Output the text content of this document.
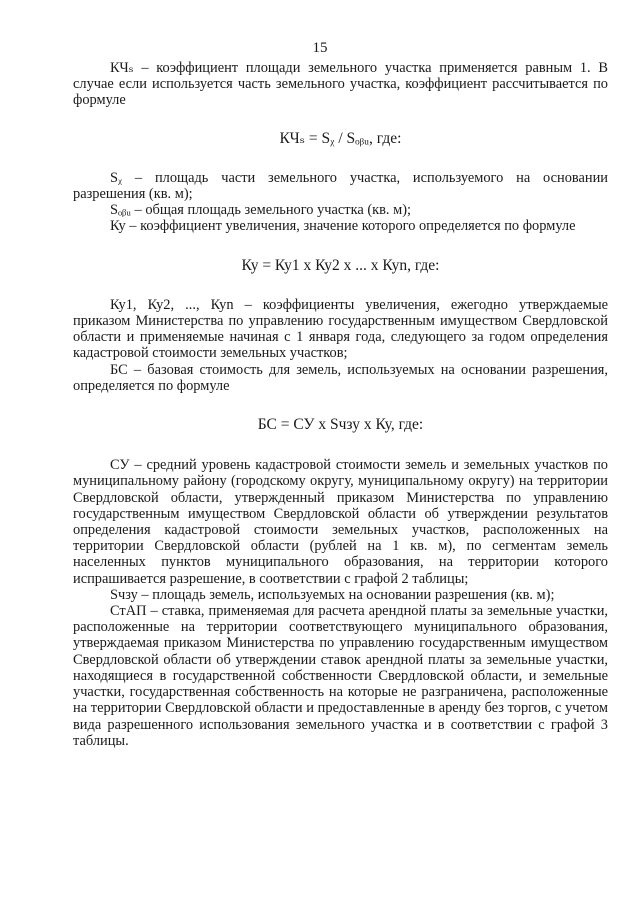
15

КЧₛ – коэффициент площади земельного участка применяется равным 1. В случае если используется часть земельного участка, коэффициент рассчитывается по формуле

КЧₛ = Sᵪ / Sₒᵦᵤ, где:

Sᵪ – площадь части земельного участка, используемого на основании разрешения (кв. м);

Sₒᵦᵤ – общая площадь земельного участка (кв. м);

Ку – коэффициент увеличения, значение которого определяется по формуле

Ку = Ку1 х Ку2 х ... х Куn, где:

Ку1, Ку2, ..., Куn – коэффициенты увеличения, ежегодно утверждаемые приказом Министерства по управлению государственным имуществом Свердловской области и применяемые начиная с 1 января года, следующего за годом определения кадастровой стоимости земельных участков;

БС – базовая стоимость для земель, используемых на основании разрешения, определяется по формуле

БС = СУ х Sчзу х Ку, где:

СУ – средний уровень кадастровой стоимости земель и земельных участков по муниципальному району (городскому округу, муниципальному округу) на территории Свердловской области, утвержденный приказом Министерства по управлению государственным имуществом Свердловской области об утверждении результатов определения кадастровой стоимости земельных участков, расположенных на территории Свердловской области (рублей на 1 кв. м), по сегментам земель населенных пунктов муниципального образования, на территории которого испрашивается разрешение, в соответствии с графой 2 таблицы;

Sчзу – площадь земель, используемых на основании разрешения (кв. м);

СтАП – ставка, применяемая для расчета арендной платы за земельные участки, расположенные на территории соответствующего муниципального образования, утверждаемая приказом Министерства по управлению государственным имуществом Свердловской области об утверждении ставок арендной платы за земельные участки, находящиеся в государственной собственности Свердловской области, и земельные участки, государственная собственность на которые не разграничена, расположенные на территории Свердловской области и предоставленные в аренду без торгов, с учетом вида разрешенного использования земельного участка и в соответствии с графой 3 таблицы.
